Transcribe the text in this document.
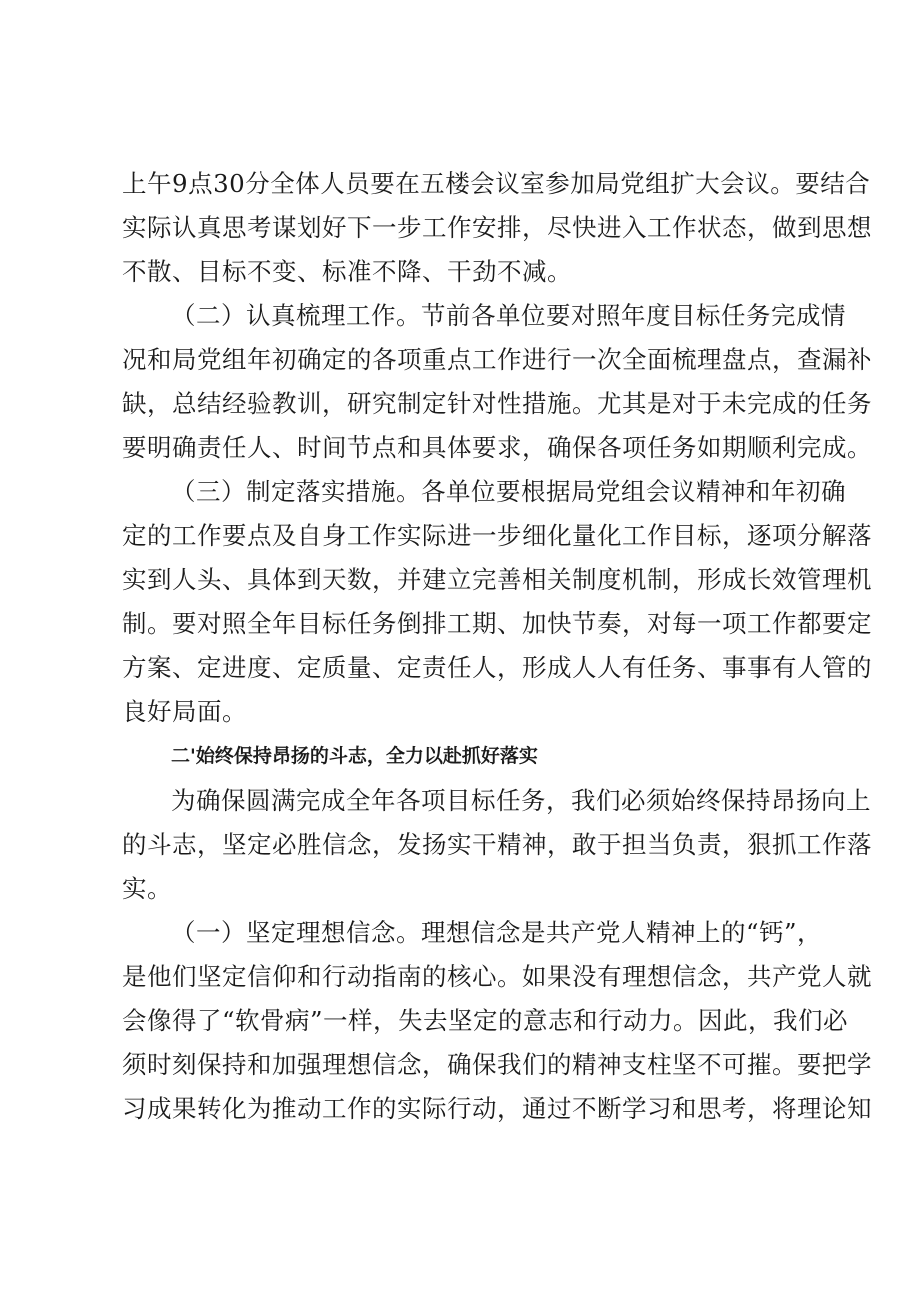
上午9点30分全体人员要在五楼会议室参加局党组扩大会议。要结合
实际认真思考谋划好下一步工作安排，尽快进入工作状态，做到思想
不散、目标不变、标准不降、干劲不减。
（二）认真梳理工作。节前各单位要对照年度目标任务完成情
况和局党组年初确定的各项重点工作进行一次全面梳理盘点，查漏补
缺，总结经验教训，研究制定针对性措施。尤其是对于未完成的任务
要明确责任人、时间节点和具体要求，确保各项任务如期顺利完成。
（三）制定落实措施。各单位要根据局党组会议精神和年初确
定的工作要点及自身工作实际进一步细化量化工作目标，逐项分解落
实到人头、具体到天数，并建立完善相关制度机制，形成长效管理机
制。要对照全年目标任务倒排工期、加快节奏，对每一项工作都要定
方案、定进度、定质量、定责任人，形成人人有任务、事事有人管的
良好局面。
二'始终保持昂扬的斗志，全力以赴抓好落实
为确保圆满完成全年各项目标任务，我们必须始终保持昂扬向上
的斗志，坚定必胜信念，发扬实干精神，敢于担当负责，狠抓工作落
实。
（一）坚定理想信念。理想信念是共产党人精神上的“钙”，
是他们坚定信仰和行动指南的核心。如果没有理想信念，共产党人就
会像得了“软骨病”一样，失去坚定的意志和行动力。因此，我们必
须时刻保持和加强理想信念，确保我们的精神支柱坚不可摧。要把学
习成果转化为推动工作的实际行动，通过不断学习和思考，将理论知
